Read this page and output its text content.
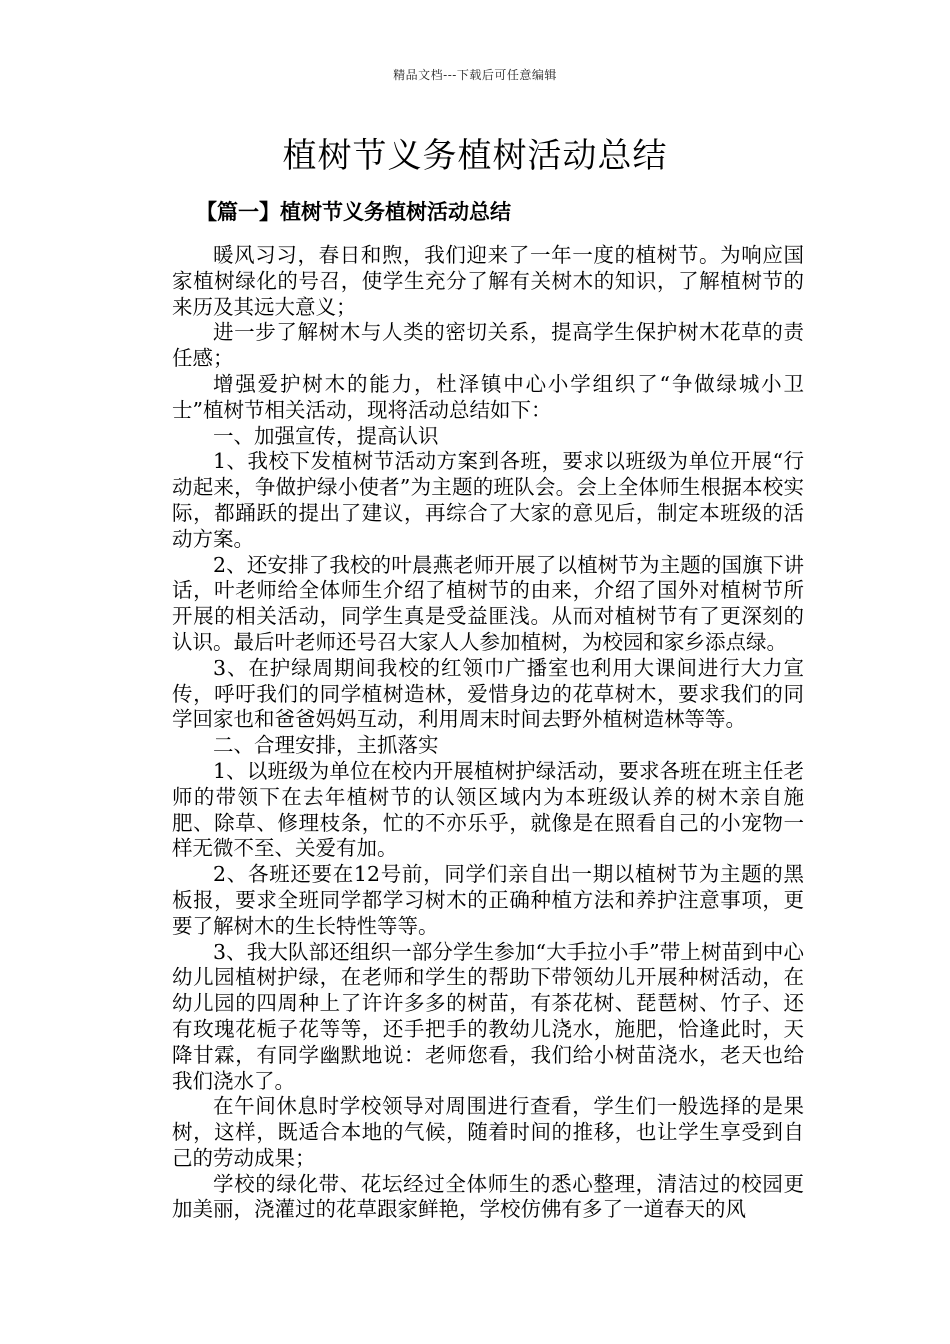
精品文档---下载后可任意编辑
植树节义务植树活动总结
【篇一】植树节义务植树活动总结

暖风习习，春日和煦，我们迎来了一年一度的植树节。为响应国家植树绿化的号召，使学生充分了解有关树木的知识，了解植树节的来历及其远大意义；

进一步了解树木与人类的密切关系，提高学生保护树木花草的责任感；

增强爱护树木的能力，杜泽镇中心小学组织了“争做绿城小卫士”植树节相关活动，现将活动总结如下：

一、加强宣传，提高认识

1、我校下发植树节活动方案到各班，要求以班级为单位开展“行动起来，争做护绿小使者”为主题的班队会。会上全体师生根据本校实际，都踊跃的提出了建议，再综合了大家的意见后，制定本班级的活动方案。

2、还安排了我校的叶晨燕老师开展了以植树节为主题的国旗下讲话，叶老师给全体师生介绍了植树节的由来，介绍了国外对植树节所开展的相关活动，同学生真是受益匪浅。从而对植树节有了更深刻的认识。最后叶老师还号召大家人人参加植树，为校园和家乡添点绿。

3、在护绿周期间我校的红领巾广播室也利用大课间进行大力宣传，呼吁我们的同学植树造林，爱惜身边的花草树木，要求我们的同学回家也和爸爸妈妈互动，利用周末时间去野外植树造林等等。

二、合理安排，主抓落实

1、以班级为单位在校内开展植树护绿活动，要求各班在班主任老师的带领下在去年植树节的认领区域内为本班级认养的树木亲自施肥、除草、修理枝条，忙的不亦乐乎，就像是在照看自己的小宠物一样无微不至、关爱有加。

2、各班还要在12号前，同学们亲自出一期以植树节为主题的黑板报，要求全班同学都学习树木的正确种植方法和养护注意事项，更要了解树木的生长特性等等。

3、我大队部还组织一部分学生参加“大手拉小手”带上树苗到中心幼儿园植树护绿，在老师和学生的帮助下带领幼儿开展种树活动，在幼儿园的四周种上了许许多多的树苗，有茶花树、琵琶树、竹子、还有玫瑰花栀子花等等，还手把手的教幼儿浇水，施肥，恰逢此时，天降甘霖，有同学幽默地说：老师您看，我们给小树苗浇水，老天也给我们浇水了。

在午间休息时学校领导对周围进行查看，学生们一般选择的是果树，这样，既适合本地的气候，随着时间的推移，也让学生享受到自己的劳动成果；

学校的绿化带、花坛经过全体师生的悉心整理，清洁过的校园更加美丽，浇灌过的花草跟家鲜艳，学校仿佛有多了一道春天的风
